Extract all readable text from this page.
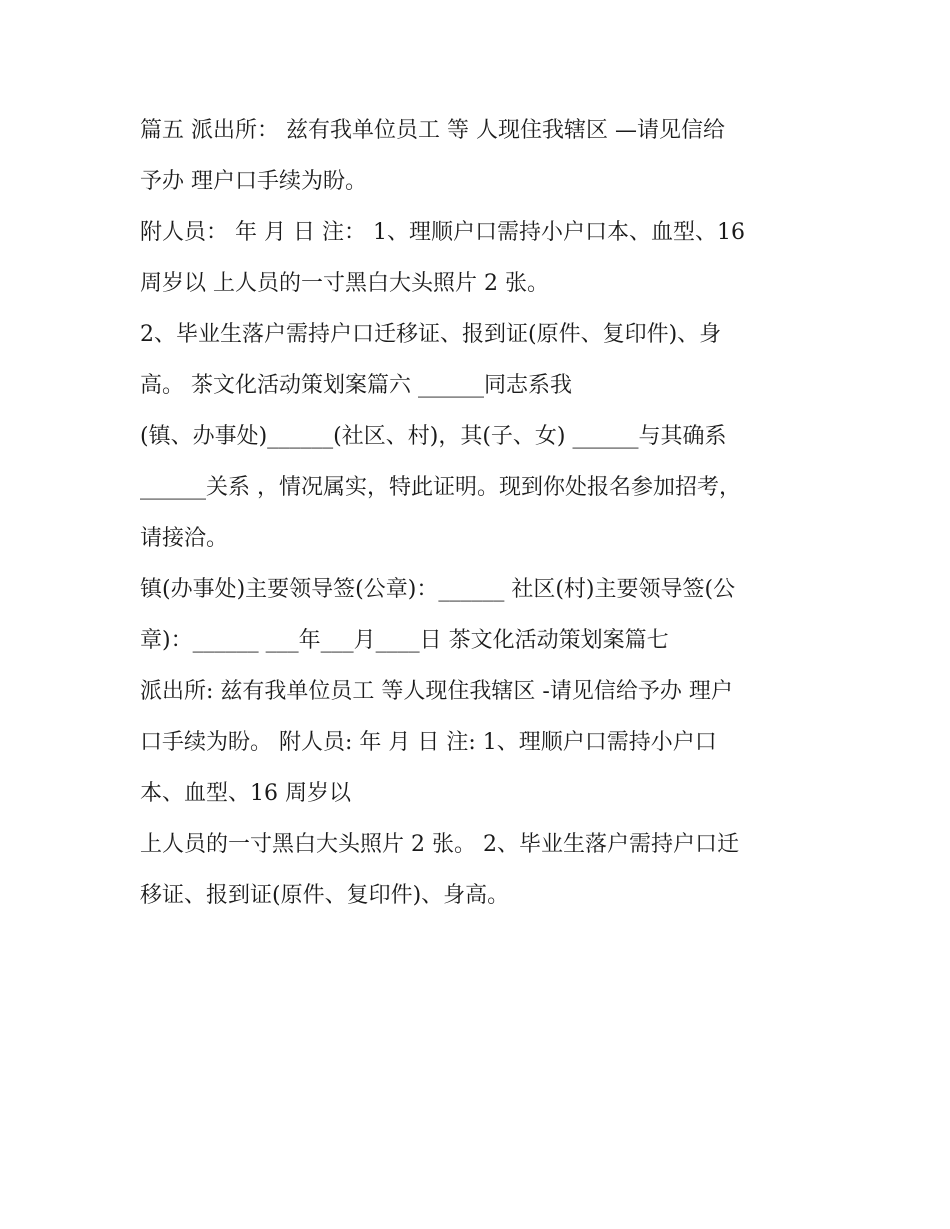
篇五 派出所： 兹有我单位员工 等 人现住我辖区 —请见信给
予办 理户口手续为盼。
附人员： 年 月 日 注： 1、理顺户口需持小户口本、血型、16
周岁以 上人员的一寸黑白大头照片 2 张。
2、毕业生落户需持户口迁移证、报到证(原件、复印件)、身
高。 茶文化活动策划案篇六 ______同志系我
(镇、办事处)______(社区、村)，其(子、女) ______与其确系
______关系 ，情况属实，特此证明。现到你处报名参加招考，
请接洽。
镇(办事处)主要领导签(公章)：______ 社区(村)主要领导签(公
章)：______ ___年___月____日 茶文化活动策划案篇七
派出所: 兹有我单位员工 等人现住我辖区 -请见信给予办 理户
口手续为盼。 附人员: 年 月 日 注: 1、理顺户口需持小户口
本、血型、16 周岁以
上人员的一寸黑白大头照片 2 张。 2、毕业生落户需持户口迁
移证、报到证(原件、复印件)、身高。
